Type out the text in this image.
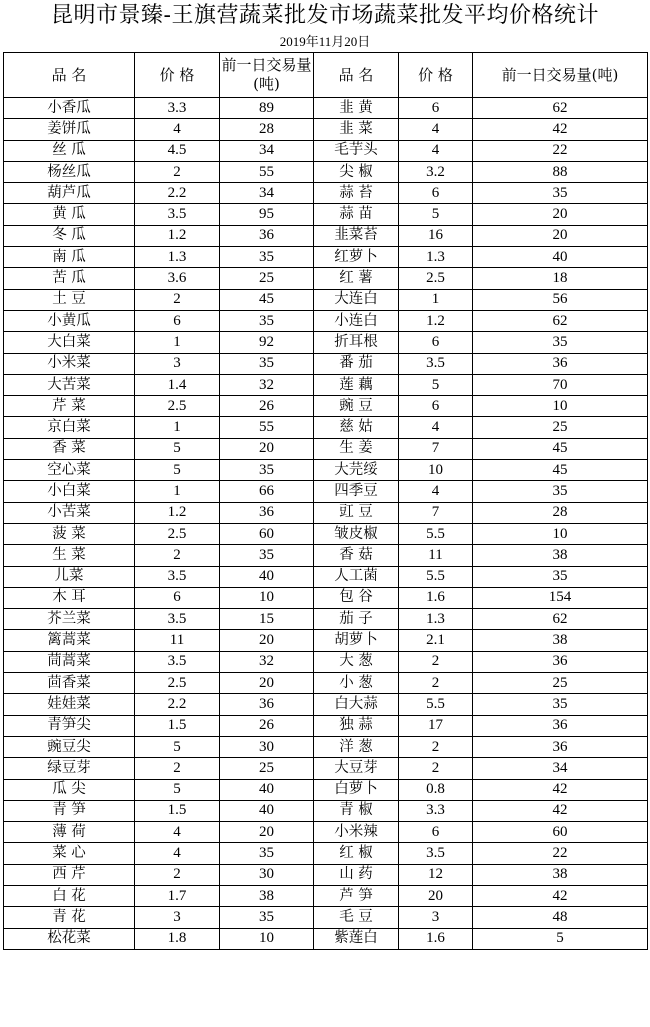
昆明市景臻-王旗营蔬菜批发市场蔬菜批发平均价格统计
2019年11月20日
品 名	价 格	前一日交易量(吨)	品 名	价 格	前一日交易量(吨)
小香瓜	3.3	89	韭 黄	6	62
姜饼瓜	4	28	韭 菜	4	42
丝 瓜	4.5	34	毛芋头	4	22
杨丝瓜	2	55	尖 椒	3.2	88
葫芦瓜	2.2	34	蒜 苔	6	35
黄 瓜	3.5	95	蒜 苗	5	20
冬 瓜	1.2	36	韭菜苔	16	20
南 瓜	1.3	35	红萝卜	1.3	40
苦 瓜	3.6	25	红 薯	2.5	18
土 豆	2	45	大连白	1	56
小黄瓜	6	35	小连白	1.2	62
大白菜	1	92	折耳根	6	35
小米菜	3	35	番 茄	3.5	36
大苦菜	1.4	32	莲 藕	5	70
芹 菜	2.5	26	豌 豆	6	10
京白菜	1	55	慈 姑	4	25
香 菜	5	20	生 姜	7	45
空心菜	5	35	大芫绥	10	45
小白菜	1	66	四季豆	4	35
小苦菜	1.2	36	豇 豆	7	28
菠 菜	2.5	60	皱皮椒	5.5	10
生 菜	2	35	香 菇	11	38
儿菜	3.5	40	人工菌	5.5	35
木 耳	6	10	包 谷	1.6	154
芥兰菜	3.5	15	茄 子	1.3	62
篱蒿菜	11	20	胡萝卜	2.1	38
茼蒿菜	3.5	32	大 葱	2	36
茴香菜	2.5	20	小 葱	2	25
娃娃菜	2.2	36	白大蒜	5.5	35
青笋尖	1.5	26	独 蒜	17	36
豌豆尖	5	30	洋 葱	2	36
绿豆芽	2	25	大豆芽	2	34
瓜 尖	5	40	白萝卜	0.8	42
青 笋	1.5	40	青 椒	3.3	42
薄 荷	4	20	小米辣	6	60
菜 心	4	35	红 椒	3.5	22
西 芹	2	30	山 药	12	38
白 花	1.7	38	芦 笋	20	42
青 花	3	35	毛 豆	3	48
松花菜	1.8	10	紫莲白	1.6	5
